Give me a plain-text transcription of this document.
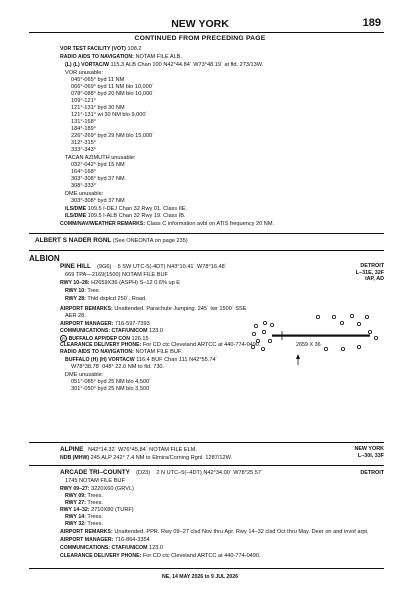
NEW YORK	189
CONTINUED FROM PRECEDING PAGE
VOR TEST FACILITY (VOT) 108.2
RADIO AIDS TO NAVIGATION: NOTAM FILE ALB.
(L) (L) VORTAC/W 115.3 ALB Chan 100 N42°44.84´ W73°48.19´ at fld. 273/13W.
VOR unusable:
045°-065° byd 11 NM
066°-069° byd 11 NM blo 10,000´
078°-088° byd 20 NM blo 10,000´
109°-121°
121°-131° byd 30 NM
121°-131° wi 30 NM blo 9,000´
131°-168°
184°-189°
226°-269° byd 29 NM blo 15,000´
312°-315°
333°-343°
TACAN AZIMUTH unusable:
032°-042° byd 15 NM
164°-168°
303°-308° byd 37 NM
308°-333°
DME unusable:
303°-308° byd 37 NM
ILS/DME 109.5 I-DEJ Chan 32 Rwy 01. Class IIE.
ILS/DME 109.5 I-ALB Chan 32 Rwy 19. Class IB.
COMM/NAV/WEATHER REMARKS: Class C information avbl on ATIS frequency 20 NM.
ALBERT S NADER RGNL (See ONEONTA on page 235)
ALBION
PINE HILL (9G6) 5 SW UTC-5(-4DT) N43°10.41´ W78°16.48´	DETROIT
L–31E, 32F
IAP, AD
669 TPA—2169(1500) NOTAM FILE BUF
RWY 10–28: H2659X36 (ASPH) S–12 0.6% up E
RWY 10: Tree.
RWY 28: Thld dsplcd 250´. Road.
AIRPORT REMARKS: Unattended. Parachute Jumping. 245´ twr 1500´ SSE
AER 28.
AIRPORT MANAGER: 716-597-7393
COMMUNICATIONS: CTAF/UNICOM 123.0
R BUFFALO APP/DEP CON 126.15
CLEARANCE DELIVERY PHONE: For CD ctc Cleveland ARTCC at 440-774-0490.
RADIO AIDS TO NAVIGATION: NOTAM FILE BUF.
BUFFALO (H) (H) VORTACW 116.4 BUF Chan 111 N42°55.74´
W78°38.78´ 048° 22.0 NM to fld. 730.
DME unusable:
051°-085° byd 25 NM blo 4,500´
301°-050° byd 25 NM blo 3,500´
2659 X 36
ALPINE N42°14.32´ W76°45.84´ NOTAM FILE ELM.	NEW YORK
L–30I, 33F
NDB (MHW) 245 ALP 242° 7.4 NM to Elmira/Corning Rgnl. 1287/12W.
ARCADE TRI–COUNTY (D23) 2 N UTC–5(–4DT) N42°34.00´ W78°25.57´	DETROIT
1745 NOTAM FILE BUF
RWY 09–27: 3220X60 (GRVL)
RWY 09: Trees.
RWY 27: Trees.
RWY 14–32: 2710X80 (TURF)
RWY 14: Trees.
RWY 32: Trees.
AIRPORT REMARKS: Unattended. PPR. Rwy 09–27 clsd Nov thru Apr. Rwy 14–32 clsd Oct thru May. Deer on and invof arpt.
AIRPORT MANAGER: 716-864-3354
COMMUNICATIONS: CTAF/UNICOM 123.0
CLEARANCE DELIVERY PHONE: For CD ctc Cleveland ARTCC at 440-774-0490.
NE, 14 MAY 2026 to 9 JUL 2026
